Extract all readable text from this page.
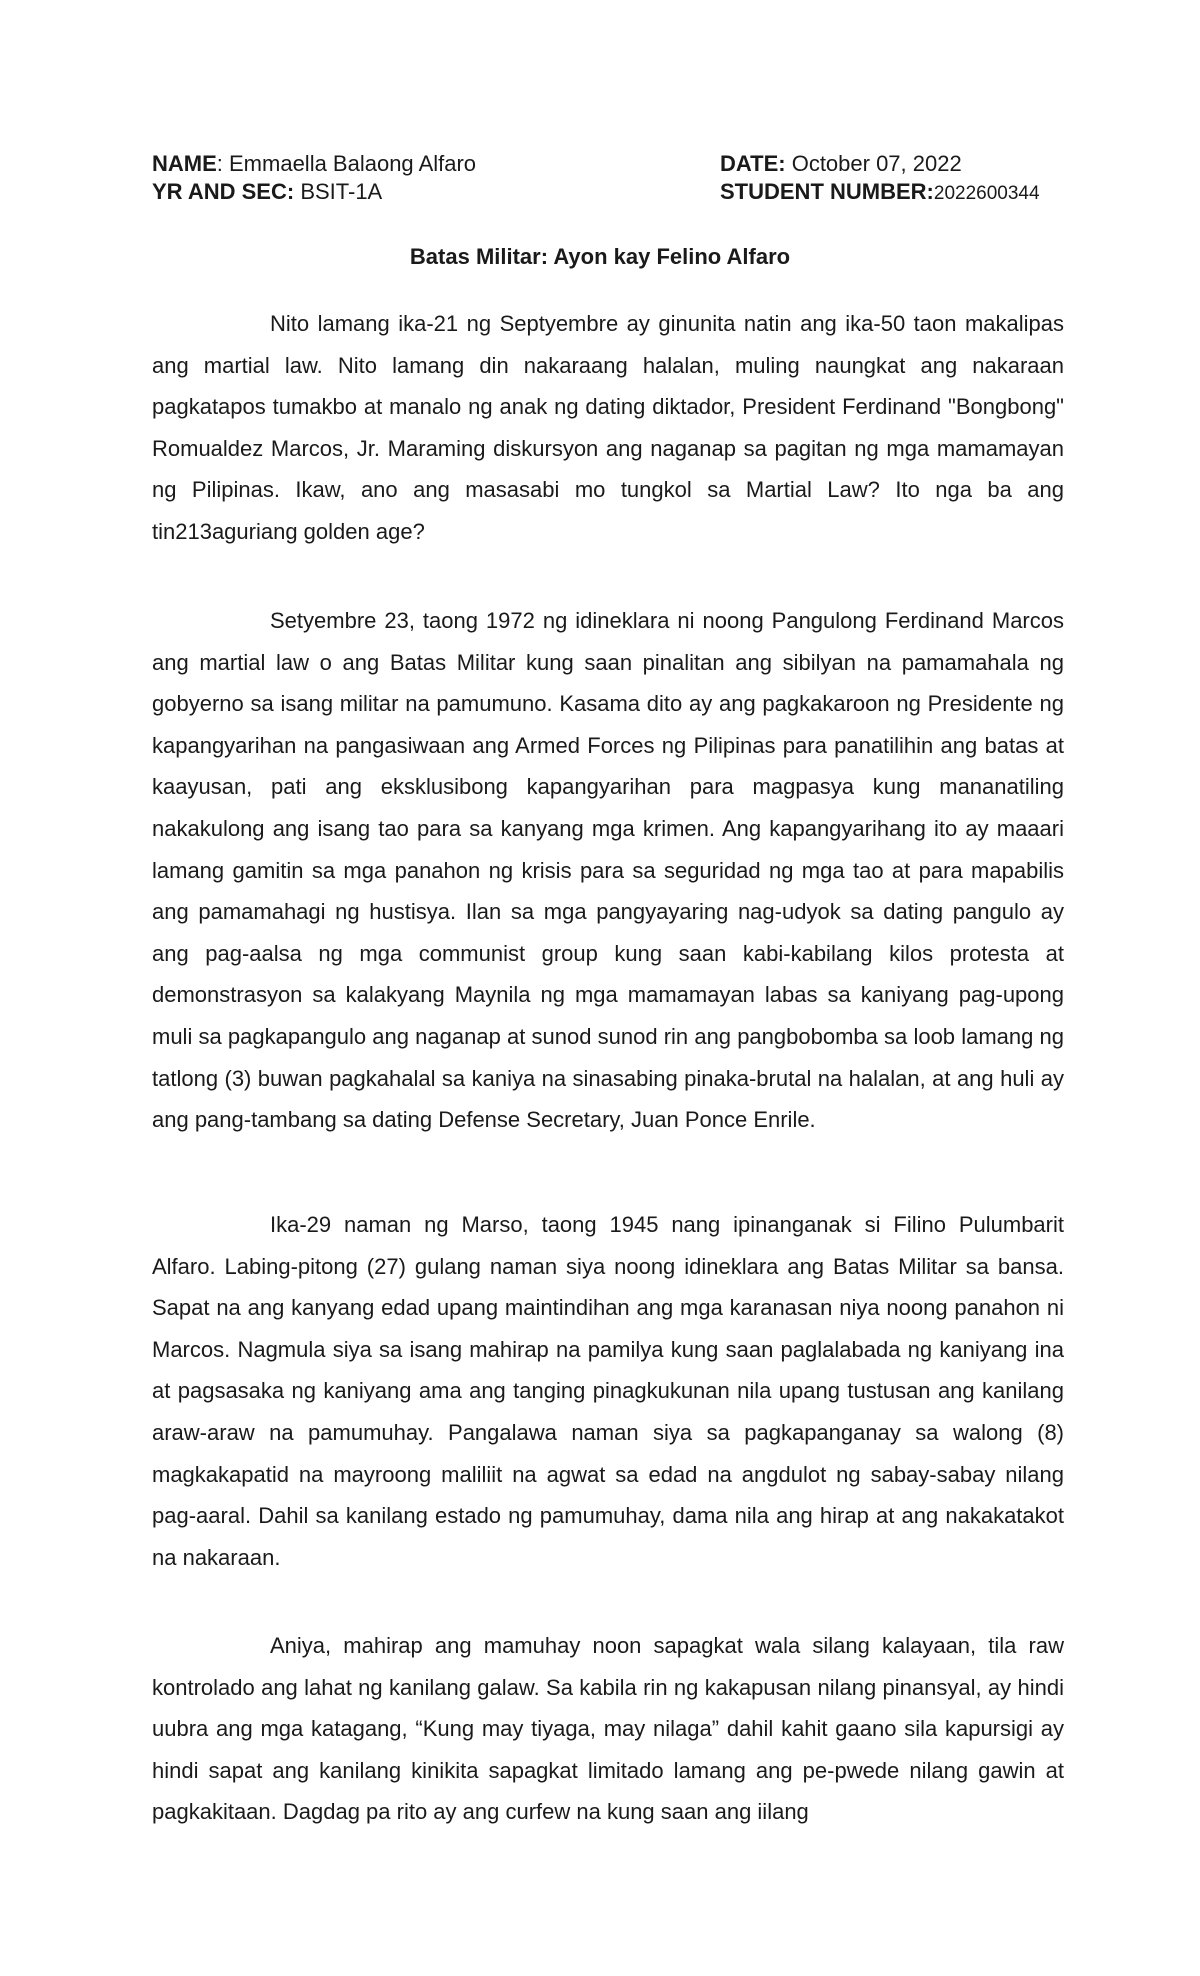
NAME: Emmaella Balaong Alfaro
YR AND SEC: BSIT-1A
DATE: October 07, 2022
STUDENT NUMBER:2022600344
Batas Militar: Ayon kay Felino Alfaro

Nito lamang ika-21 ng Septyembre ay ginunita natin ang ika-50 taon makalipas ang martial law. Nito lamang din nakaraang halalan, muling naungkat ang nakaraan pagkatapos tumakbo at manalo ng anak ng dating diktador, President Ferdinand "Bongbong" Romualdez Marcos, Jr. Maraming diskursyon ang naganap sa pagitan ng mga mamamayan ng Pilipinas. Ikaw, ano ang masasabi mo tungkol sa Martial Law? Ito nga ba ang tin213aguriang golden age?

Setyembre 23, taong 1972 ng idineklara ni noong Pangulong Ferdinand Marcos ang martial law o ang Batas Militar kung saan pinalitan ang sibilyan na pamamahala ng gobyerno sa isang militar na pamumuno. Kasama dito ay ang pagkakaroon ng Presidente ng kapangyarihan na pangasiwaan ang Armed Forces ng Pilipinas para panatilihin ang batas at kaayusan, pati ang eksklusibong kapangyarihan para magpasya kung mananatiling nakakulong ang isang tao para sa kanyang mga krimen. Ang kapangyarihang ito ay maaari lamang gamitin sa mga panahon ng krisis para sa seguridad ng mga tao at para mapabilis ang pamamahagi ng hustisya. Ilan sa mga pangyayaring nag-udyok sa dating pangulo ay ang pag-aalsa ng mga communist group kung saan kabi-kabilang kilos protesta at demonstrasyon sa kalakyang Maynila ng mga mamamayan labas sa kaniyang pag-upong muli sa pagkapangulo ang naganap at sunod sunod rin ang pangbobomba sa loob lamang ng tatlong (3) buwan pagkahalal sa kaniya na sinasabing pinaka-brutal na halalan, at ang huli ay ang pang-tambang sa dating Defense Secretary, Juan Ponce Enrile.

Ika-29 naman ng Marso, taong 1945 nang ipinanganak si Filino Pulumbarit Alfaro. Labing-pitong (27) gulang naman siya noong idineklara ang Batas Militar sa bansa. Sapat na ang kanyang edad upang maintindihan ang mga karanasan niya noong panahon ni Marcos. Nagmula siya sa isang mahirap na pamilya kung saan paglalabada ng kaniyang ina at pagsasaka ng kaniyang ama ang tanging pinagkukunan nila upang tustusan ang kanilang araw-araw na pamumuhay. Pangalawa naman siya sa pagkapanganay sa walong (8) magkakapatid na mayroong maliliit na agwat sa edad na angdulot ng sabay-sabay nilang pag-aaral. Dahil sa kanilang estado ng pamumuhay, dama nila ang hirap at ang nakakatakot na nakaraan.

Aniya, mahirap ang mamuhay noon sapagkat wala silang kalayaan, tila raw kontrolado ang lahat ng kanilang galaw. Sa kabila rin ng kakapusan nilang pinansyal, ay hindi uubra ang mga katagang, “Kung may tiyaga, may nilaga” dahil kahit gaano sila kapursigi ay hindi sapat ang kanilang kinikita sapagkat limitado lamang ang pe-pwede nilang gawin at pagkakitaan. Dagdag pa rito ay ang curfew na kung saan ang iilang
